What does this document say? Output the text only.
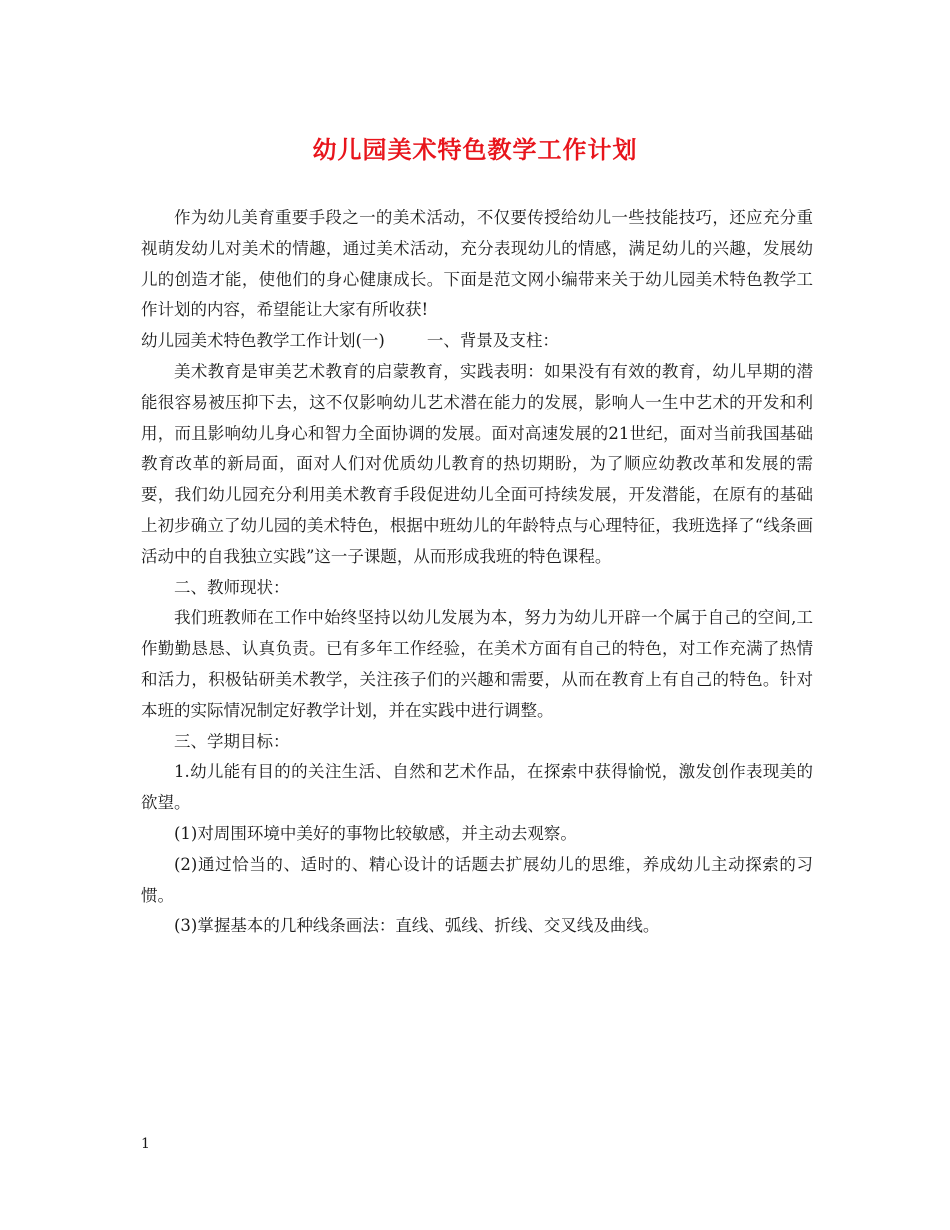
幼儿园美术特色教学工作计划

作为幼儿美育重要手段之一的美术活动，不仅要传授给幼儿一些技能技巧，还应充分重视萌发幼儿对美术的情趣，通过美术活动，充分表现幼儿的情感，满足幼儿的兴趣，发展幼儿的创造才能，使他们的身心健康成长。下面是范文网小编带来关于幼儿园美术特色教学工作计划的内容，希望能让大家有所收获!

幼儿园美术特色教学工作计划(一)        一、背景及支柱：

美术教育是审美艺术教育的启蒙教育，实践表明：如果没有有效的教育，幼儿早期的潜能很容易被压抑下去，这不仅影响幼儿艺术潜在能力的发展，影响人一生中艺术的开发和利用，而且影响幼儿身心和智力全面协调的发展。面对高速发展的21世纪，面对当前我国基础教育改革的新局面，面对人们对优质幼儿教育的热切期盼，为了顺应幼教改革和发展的需要，我们幼儿园充分利用美术教育手段促进幼儿全面可持续发展，开发潜能，在原有的基础上初步确立了幼儿园的美术特色，根据中班幼儿的年龄特点与心理特征，我班选择了“线条画活动中的自我独立实践”这一子课题，从而形成我班的特色课程。

二、教师现状：

我们班教师在工作中始终坚持以幼儿发展为本，努力为幼儿开辟一个属于自己的空间,工作勤勤恳恳、认真负责。已有多年工作经验，在美术方面有自己的特色，对工作充满了热情和活力，积极钻研美术教学，关注孩子们的兴趣和需要，从而在教育上有自己的特色。针对本班的实际情况制定好教学计划，并在实践中进行调整。

三、学期目标：

1.幼儿能有目的的关注生活、自然和艺术作品，在探索中获得愉悦，激发创作表现美的欲望。

(1)对周围环境中美好的事物比较敏感，并主动去观察。

(2)通过恰当的、适时的、精心设计的话题去扩展幼儿的思维，养成幼儿主动探索的习惯。

(3)掌握基本的几种线条画法：直线、弧线、折线、交叉线及曲线。

1
